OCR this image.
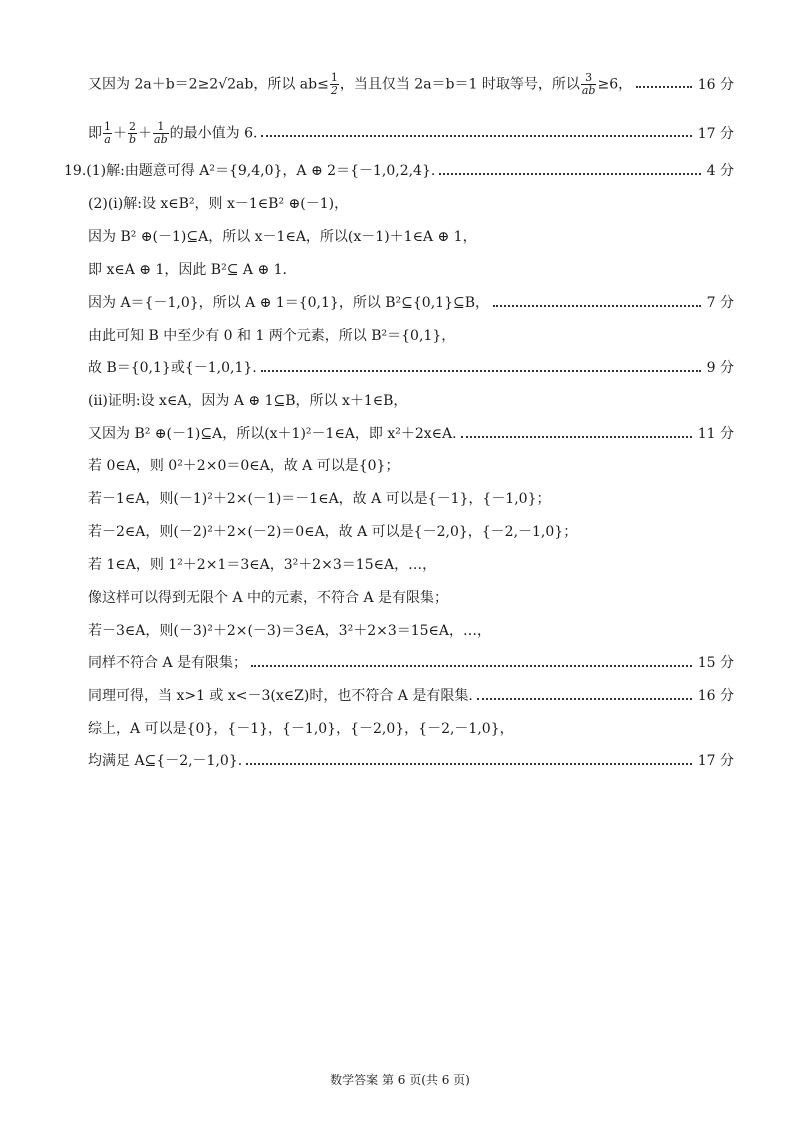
又因为 2a＋b＝2≥2√2ab，所以 $ab\le \frac{1}{2}$ ，当且仅当 2a＝b＝1 时取等号，所以 $\frac{3}{ab} \ge 6$，	16 分
即 $\frac{1}{a} + \frac{2}{b} + \frac{1}{ab}$ 的最小值为 6.	17 分
19.(1)解:由题意可得 A²＝{9,4,0}，A ⊕ 2＝{－1,0,2,4}.	4 分
(2)(ⅰ)解:设 x∈B²，则 x－1∈B² ⊕(－1)，
因为 B² ⊕(－1)⊆A，所以 x－1∈A，所以(x－1)＋1∈A ⊕ 1，
即 x∈A ⊕ 1，因此 B²⊆ A ⊕ 1.
因为 A＝{－1,0}，所以 A ⊕ 1＝{0,1}，所以 B²⊆{0,1}⊆B，	7 分
由此可知 B 中至少有 0 和 1 两个元素，所以 B²＝{0,1}，
故 B＝{0,1}或{－1,0,1}.	9 分
(ⅱ)证明:设 x∈A，因为 A ⊕ 1⊆B，所以 x＋1∈B，
又因为 B² ⊕(－1)⊆A，所以(x＋1)²－1∈A，即 x²＋2x∈A.	11 分
若 0∈A，则 0²＋2×0＝0∈A，故 A 可以是{0}；
若－1∈A，则(－1)²＋2×(－1)＝－1∈A，故 A 可以是{－1}，{－1,0}；
若－2∈A，则(－2)²＋2×(－2)＝0∈A，故 A 可以是{－2,0}，{－2,－1,0}；
若 1∈A，则 1²＋2×1＝3∈A，3²＋2×3＝15∈A，…，
像这样可以得到无限个 A 中的元素，不符合 A 是有限集；
若－3∈A，则(－3)²＋2×(－3)＝3∈A，3²＋2×3＝15∈A，…，
同样不符合 A 是有限集；	15 分
同理可得，当 x>1 或 x<－3(x∈Z)时，也不符合 A 是有限集.	16 分
综上，A 可以是{0}，{－1}，{－1,0}，{－2,0}，{－2,－1,0}，
均满足 A⊆{－2,－1,0}.	17 分
数学答案 第 6 页(共 6 页)
